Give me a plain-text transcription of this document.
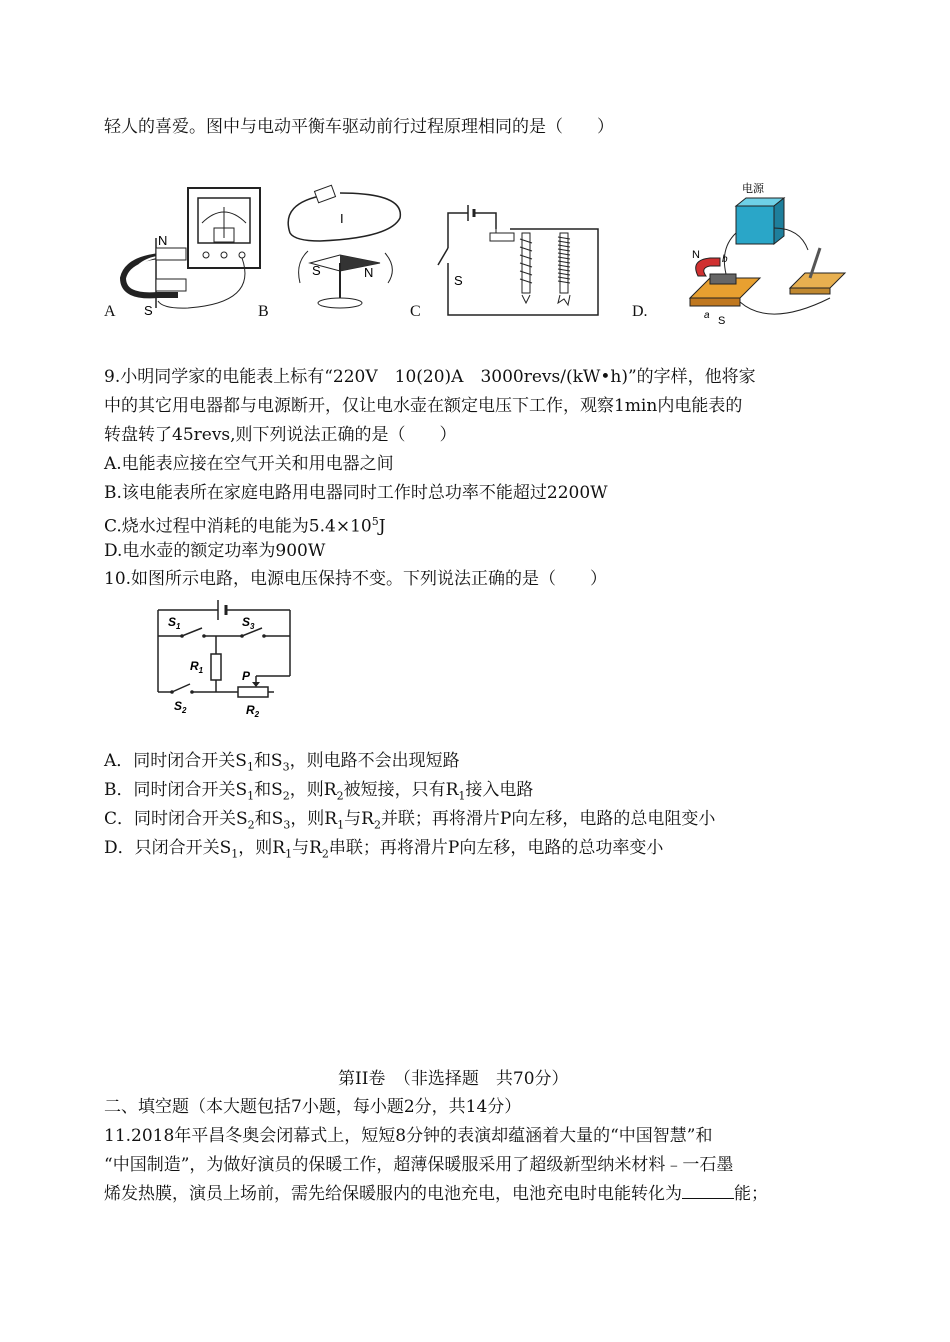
轻人的喜爱。图中与电动平衡车驱动前行过程原理相同的是（　　）
N
S
A
I
S	N
B
S
C
电源
N
S
a
b
D.
9.小明同学家的电能表上标有“220V　10(20)A　3000revs/(kW•h)”的字样，他将家
中的其它用电器都与电源断开，仅让电水壶在额定电压下工作，观察1min内电能表的
转盘转了45revs,则下列说法正确的是（　　）
A.电能表应接在空气开关和用电器之间
B.该电能表所在家庭电路用电器同时工作时总功率不能超过2200W
C.烧水过程中消耗的电能为$5.4\times 10^5J$
D.电水壶的额定功率为900W
10.如图所示电路，电源电压保持不变。下列说法正确的是（　　）
$S_1$	$S_3$
$R_1$	P
$S_2$	$R_2$
A．同时闭合开关$S_1$和$S_3$，则电路不会出现短路
B．同时闭合开关$S_1$和$S_2$，则$R_2$被短接，只有$R_1$接入电路
C．同时闭合开关$S_2$和$S_3$，则$R_1$与$R_2$并联；再将滑片P向左移，电路的总电阻变小
D．只闭合开关$S_1$，则$R_1$与$R_2$串联；再将滑片P向左移，电路的总功率变小
第II卷　（非选择题　共70分）
二、填空题（本大题包括7小题，每小题2分，共14分）
11.2018年平昌冬奥会闭幕式上，短短8分钟的表演却蕴涵着大量的“中国智慧”和
“中国制造”，为做好演员的保暖工作，超薄保暖服采用了超级新型纳米材料﹣一石墨
烯发热膜，演员上场前，需先给保暖服内的电池充电，电池充电时电能转化为	能；
